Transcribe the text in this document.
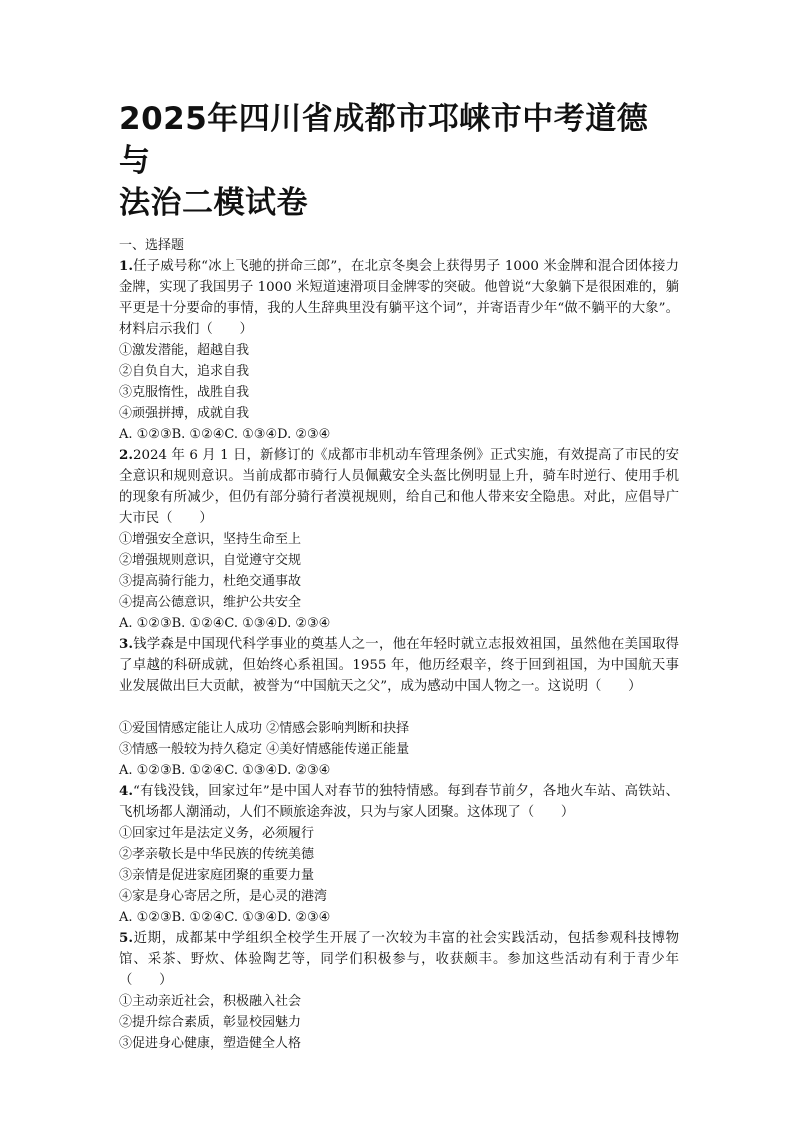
2025年四川省成都市邛崃市中考道德与
法治二模试卷

一、选择题

1.任子威号称“冰上飞驰的拼命三郎”，在北京冬奥会上获得男子 1000 米金牌和混合团体接力金牌，实现了我国男子 1000 米短道速滑项目金牌零的突破。他曾说“大象躺下是很困难的，躺平更是十分要命的事情，我的人生辞典里没有躺平这个词”，并寄语青少年“做不躺平的大象”。材料启示我们（　　）

①激发潜能，超越自我

②自负自大，追求自我

③克服惰性，战胜自我

④顽强拼搏，成就自我

A. ①②③B. ①②④C. ①③④D. ②③④

2.2024 年 6 月 1 日，新修订的《成都市非机动车管理条例》正式实施，有效提高了市民的安全意识和规则意识。当前成都市骑行人员佩戴安全头盔比例明显上升，骑车时逆行、使用手机的现象有所减少，但仍有部分骑行者漠视规则，给自己和他人带来安全隐患。对此，应倡导广大市民（　　）

①增强安全意识，坚持生命至上

②增强规则意识，自觉遵守交规

③提高骑行能力，杜绝交通事故

④提高公德意识，维护公共安全

A. ①②③B. ①②④C. ①③④D. ②③④

3.钱学森是中国现代科学事业的奠基人之一，他在年轻时就立志报效祖国，虽然他在美国取得了卓越的科研成就，但始终心系祖国。1955 年，他历经艰辛，终于回到祖国，为中国航天事业发展做出巨大贡献，被誉为“中国航天之父”，成为感动中国人物之一。这说明（　　）

①爱国情感定能让人成功 ②情感会影响判断和抉择

③情感一般较为持久稳定 ④美好情感能传递正能量

A. ①②③B. ①②④C. ①③④D. ②③④

4.“有钱没钱，回家过年”是中国人对春节的独特情感。每到春节前夕，各地火车站、高铁站、飞机场都人潮涌动，人们不顾旅途奔波，只为与家人团聚。这体现了（　　）

①回家过年是法定义务，必须履行

②孝亲敬长是中华民族的传统美德

③亲情是促进家庭团聚的重要力量

④家是身心寄居之所，是心灵的港湾

A. ①②③B. ①②④C. ①③④D. ②③④

5.近期，成都某中学组织全校学生开展了一次较为丰富的社会实践活动，包括参观科技博物馆、采茶、野炊、体验陶艺等，同学们积极参与，收获颇丰。参加这些活动有利于青少年（　　）

①主动亲近社会，积极融入社会

②提升综合素质，彰显校园魅力

③促进身心健康，塑造健全人格
